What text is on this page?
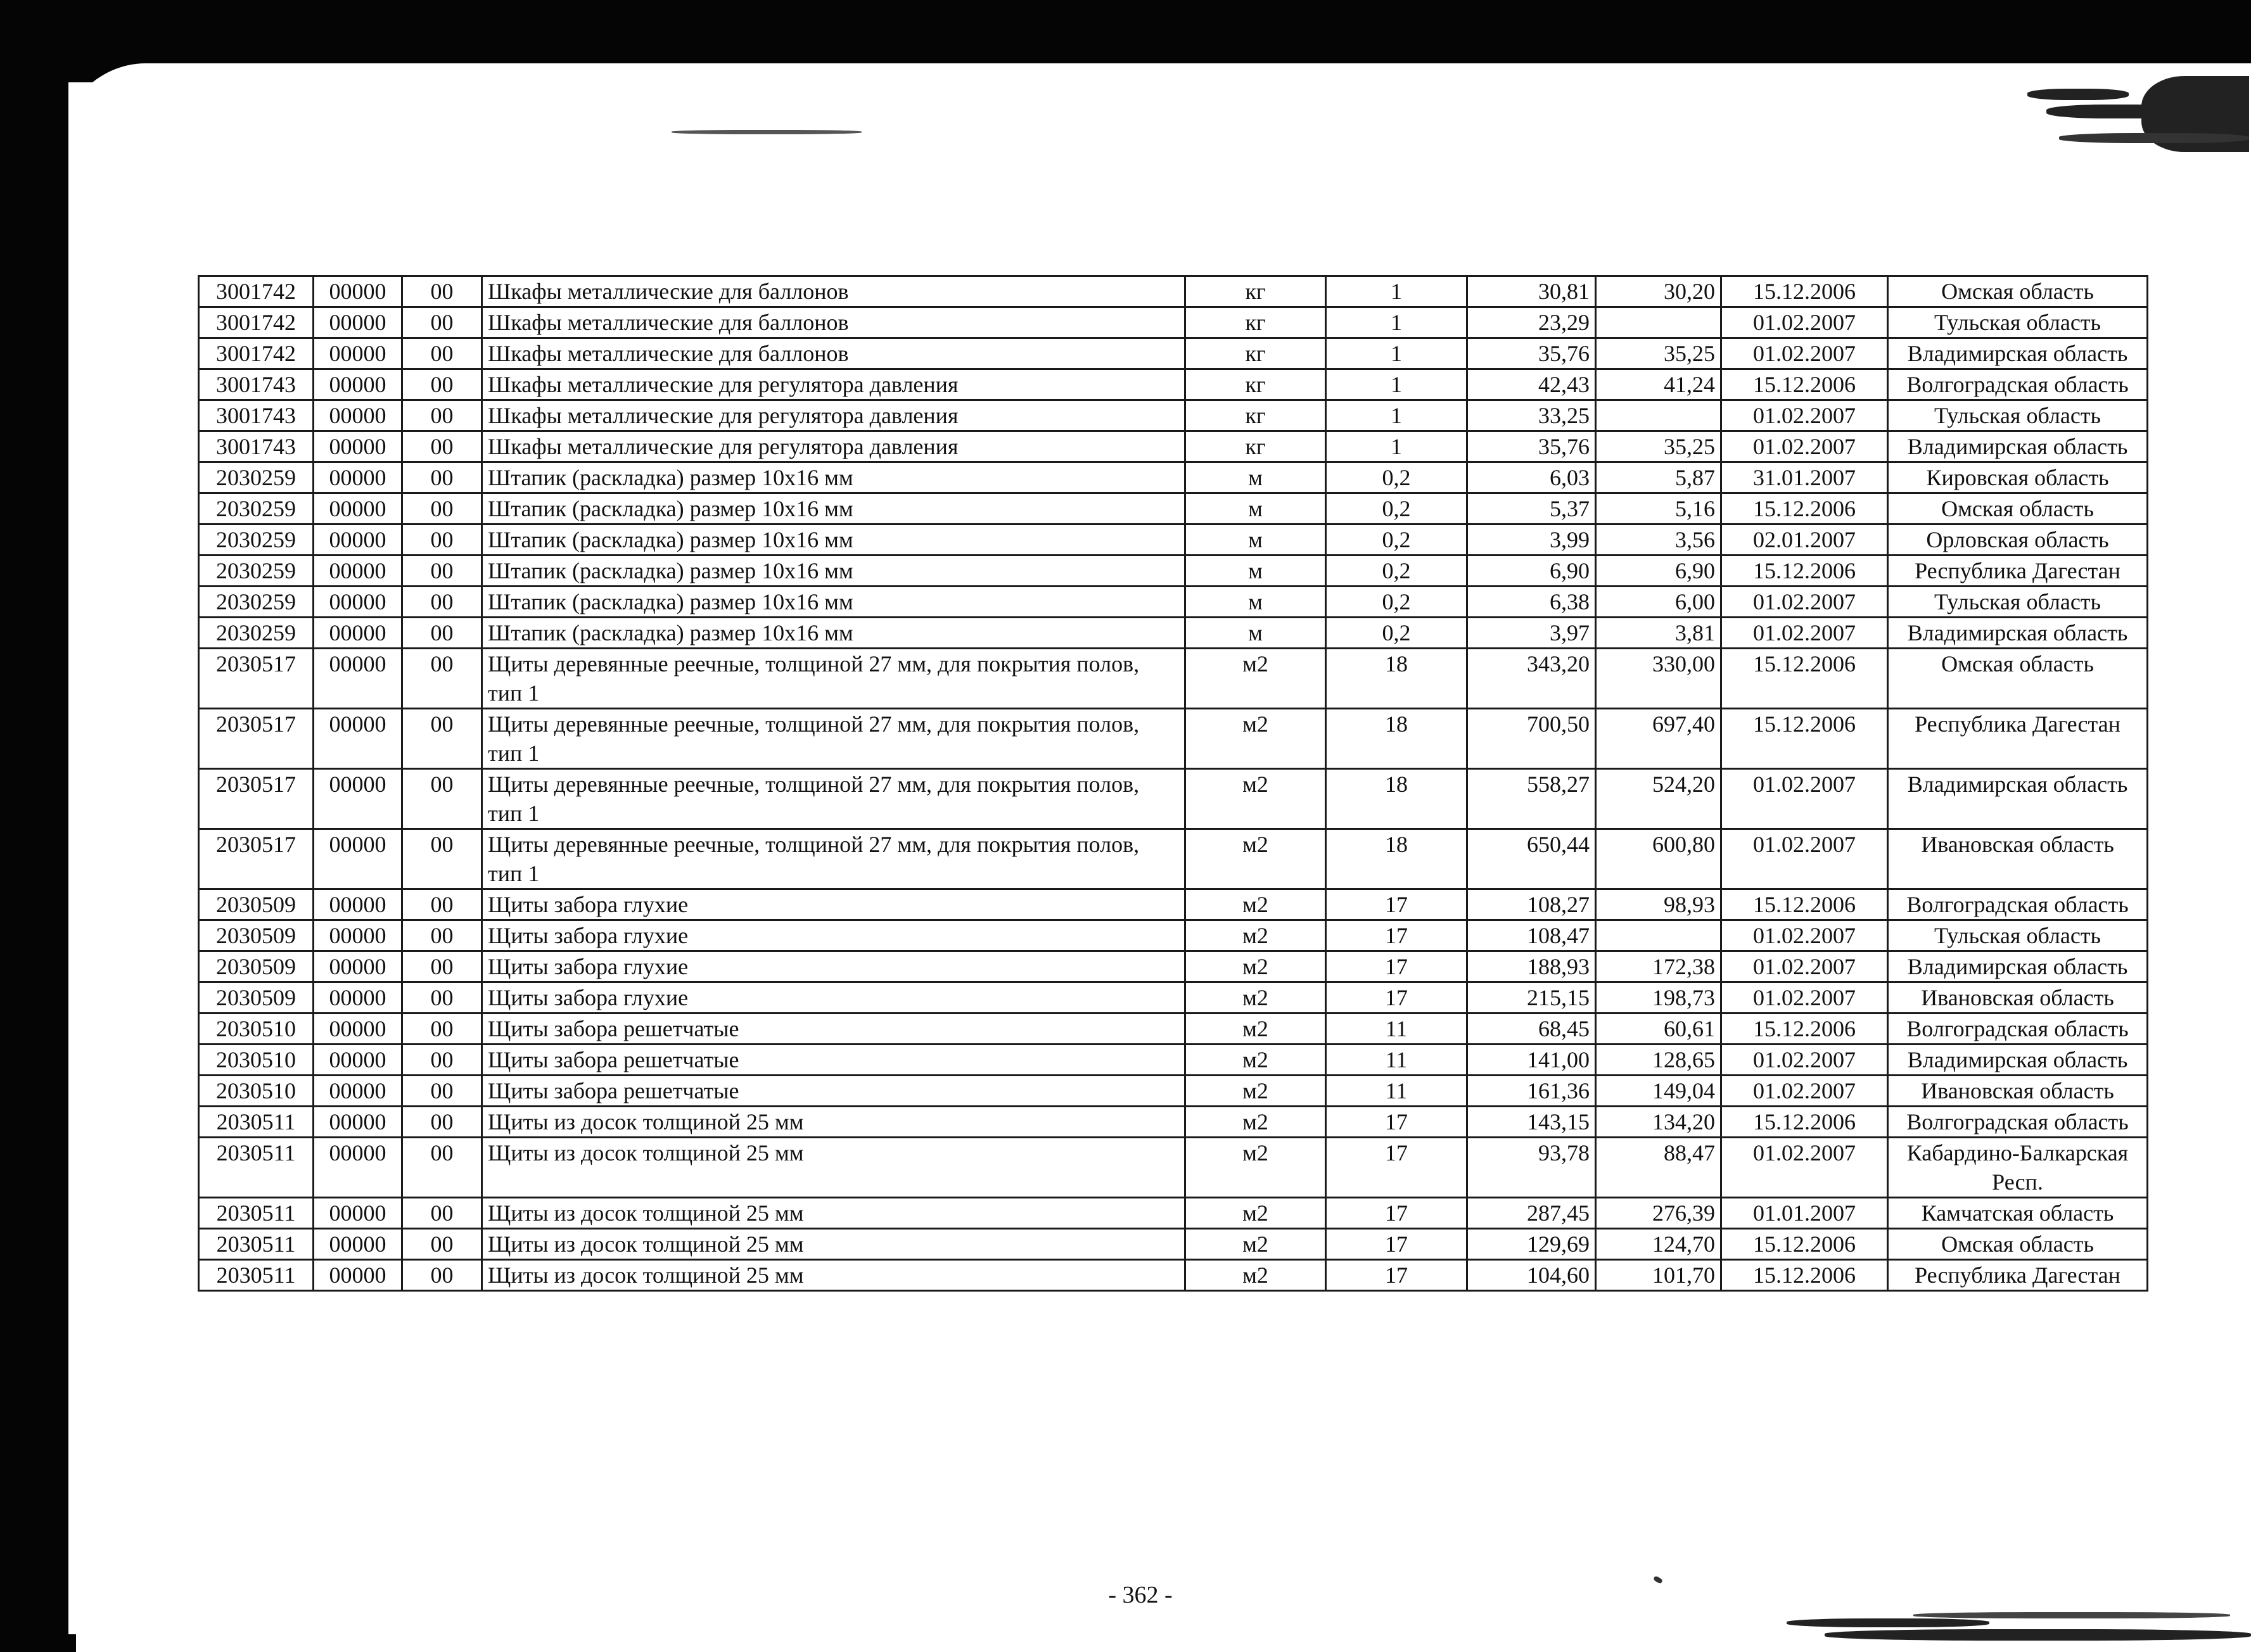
3001742	00000	00	Шкафы металлические для баллонов	кг	1	30,81	30,20	15.12.2006	Омская область
3001742	00000	00	Шкафы металлические для баллонов	кг	1	23,29		01.02.2007	Тульская область
3001742	00000	00	Шкафы металлические для баллонов	кг	1	35,76	35,25	01.02.2007	Владимирская область
3001743	00000	00	Шкафы металлические для регулятора давления	кг	1	42,43	41,24	15.12.2006	Волгоградская область
3001743	00000	00	Шкафы металлические для регулятора давления	кг	1	33,25		01.02.2007	Тульская область
3001743	00000	00	Шкафы металлические для регулятора давления	кг	1	35,76	35,25	01.02.2007	Владимирская область
2030259	00000	00	Штапик (раскладка) размер 10х16 мм	м	0,2	6,03	5,87	31.01.2007	Кировская область
2030259	00000	00	Штапик (раскладка) размер 10х16 мм	м	0,2	5,37	5,16	15.12.2006	Омская область
2030259	00000	00	Штапик (раскладка) размер 10х16 мм	м	0,2	3,99	3,56	02.01.2007	Орловская область
2030259	00000	00	Штапик (раскладка) размер 10х16 мм	м	0,2	6,90	6,90	15.12.2006	Республика Дагестан
2030259	00000	00	Штапик (раскладка) размер 10х16 мм	м	0,2	6,38	6,00	01.02.2007	Тульская область
2030259	00000	00	Штапик (раскладка) размер 10х16 мм	м	0,2	3,97	3,81	01.02.2007	Владимирская область
2030517	00000	00	Щиты деревянные реечные, толщиной 27 мм, для покрытия полов, тип 1	м2	18	343,20	330,00	15.12.2006	Омская область
2030517	00000	00	Щиты деревянные реечные, толщиной 27 мм, для покрытия полов, тип 1	м2	18	700,50	697,40	15.12.2006	Республика Дагестан
2030517	00000	00	Щиты деревянные реечные, толщиной 27 мм, для покрытия полов, тип 1	м2	18	558,27	524,20	01.02.2007	Владимирская область
2030517	00000	00	Щиты деревянные реечные, толщиной 27 мм, для покрытия полов, тип 1	м2	18	650,44	600,80	01.02.2007	Ивановская область
2030509	00000	00	Щиты забора глухие	м2	17	108,27	98,93	15.12.2006	Волгоградская область
2030509	00000	00	Щиты забора глухие	м2	17	108,47		01.02.2007	Тульская область
2030509	00000	00	Щиты забора глухие	м2	17	188,93	172,38	01.02.2007	Владимирская область
2030509	00000	00	Щиты забора глухие	м2	17	215,15	198,73	01.02.2007	Ивановская область
2030510	00000	00	Щиты забора решетчатые	м2	11	68,45	60,61	15.12.2006	Волгоградская область
2030510	00000	00	Щиты забора решетчатые	м2	11	141,00	128,65	01.02.2007	Владимирская область
2030510	00000	00	Щиты забора решетчатые	м2	11	161,36	149,04	01.02.2007	Ивановская область
2030511	00000	00	Щиты из досок толщиной 25 мм	м2	17	143,15	134,20	15.12.2006	Волгоградская область
2030511	00000	00	Щиты из досок толщиной 25 мм	м2	17	93,78	88,47	01.02.2007	Кабардино-Балкарская Респ.
2030511	00000	00	Щиты из досок толщиной 25 мм	м2	17	287,45	276,39	01.01.2007	Камчатская область
2030511	00000	00	Щиты из досок толщиной 25 мм	м2	17	129,69	124,70	15.12.2006	Омская область
2030511	00000	00	Щиты из досок толщиной 25 мм	м2	17	104,60	101,70	15.12.2006	Республика Дагестан
- 362 -
